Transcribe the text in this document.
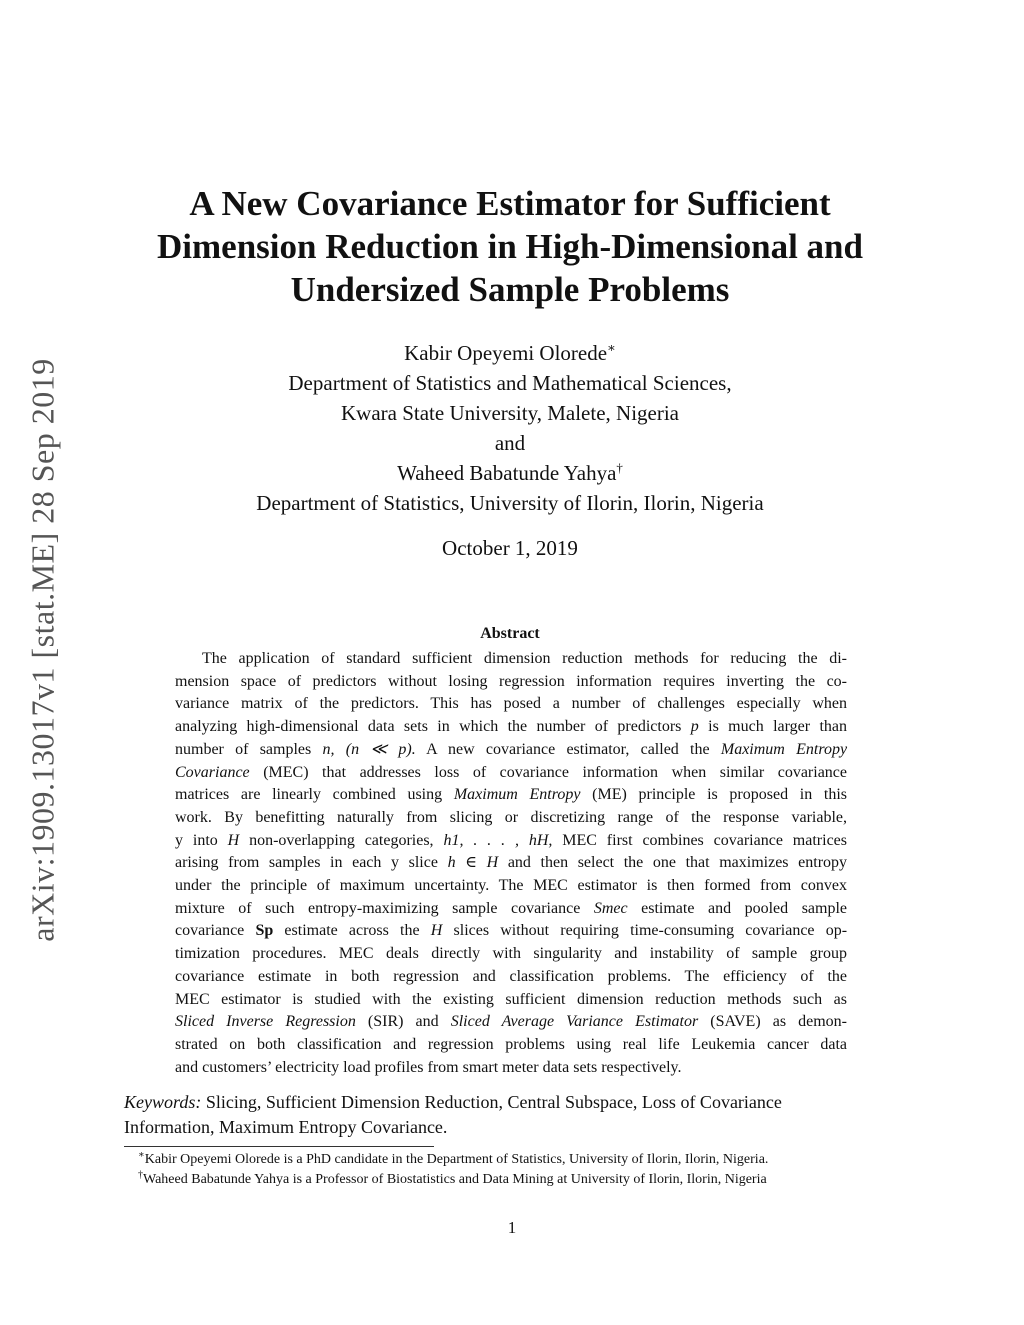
arXiv:1909.13017v1 [stat.ME] 28 Sep 2019
A New Covariance Estimator for Sufficient
Dimension Reduction in High-Dimensional and
Undersized Sample Problems
Kabir Opeyemi Olorede∗
Department of Statistics and Mathematical Sciences,
Kwara State University, Malete, Nigeria
and
Waheed Babatunde Yahya†
Department of Statistics, University of Ilorin, Ilorin, Nigeria
October 1, 2019
Abstract
The application of standard sufficient dimension reduction methods for reducing the di-
mension space of predictors without losing regression information requires inverting the co-
variance matrix of the predictors. This has posed a number of challenges especially when
analyzing high-dimensional data sets in which the number of predictors p is much larger than
number of samples n, (n ≪ p). A new covariance estimator, called the Maximum Entropy
Covariance (MEC) that addresses loss of covariance information when similar covariance
matrices are linearly combined using Maximum Entropy (ME) principle is proposed in this
work. By benefitting naturally from slicing or discretizing range of the response variable,
y into H non-overlapping categories, h1, . . . , hH, MEC first combines covariance matrices
arising from samples in each y slice h ∈ H and then select the one that maximizes entropy
under the principle of maximum uncertainty. The MEC estimator is then formed from convex
mixture of such entropy-maximizing sample covariance Smec estimate and pooled sample
covariance Sp estimate across the H slices without requiring time-consuming covariance op-
timization procedures. MEC deals directly with singularity and instability of sample group
covariance estimate in both regression and classification problems. The efficiency of the
MEC estimator is studied with the existing sufficient dimension reduction methods such as
Sliced Inverse Regression (SIR) and Sliced Average Variance Estimator (SAVE) as demon-
strated on both classification and regression problems using real life Leukemia cancer data
and customers’ electricity load profiles from smart meter data sets respectively.
Keywords: Slicing, Sufficient Dimension Reduction, Central Subspace, Loss of Covariance
Information, Maximum Entropy Covariance.
∗Kabir Opeyemi Olorede is a PhD candidate in the Department of Statistics, University of Ilorin, Ilorin, Nigeria.
†Waheed Babatunde Yahya is a Professor of Biostatistics and Data Mining at University of Ilorin, Ilorin, Nigeria
1
